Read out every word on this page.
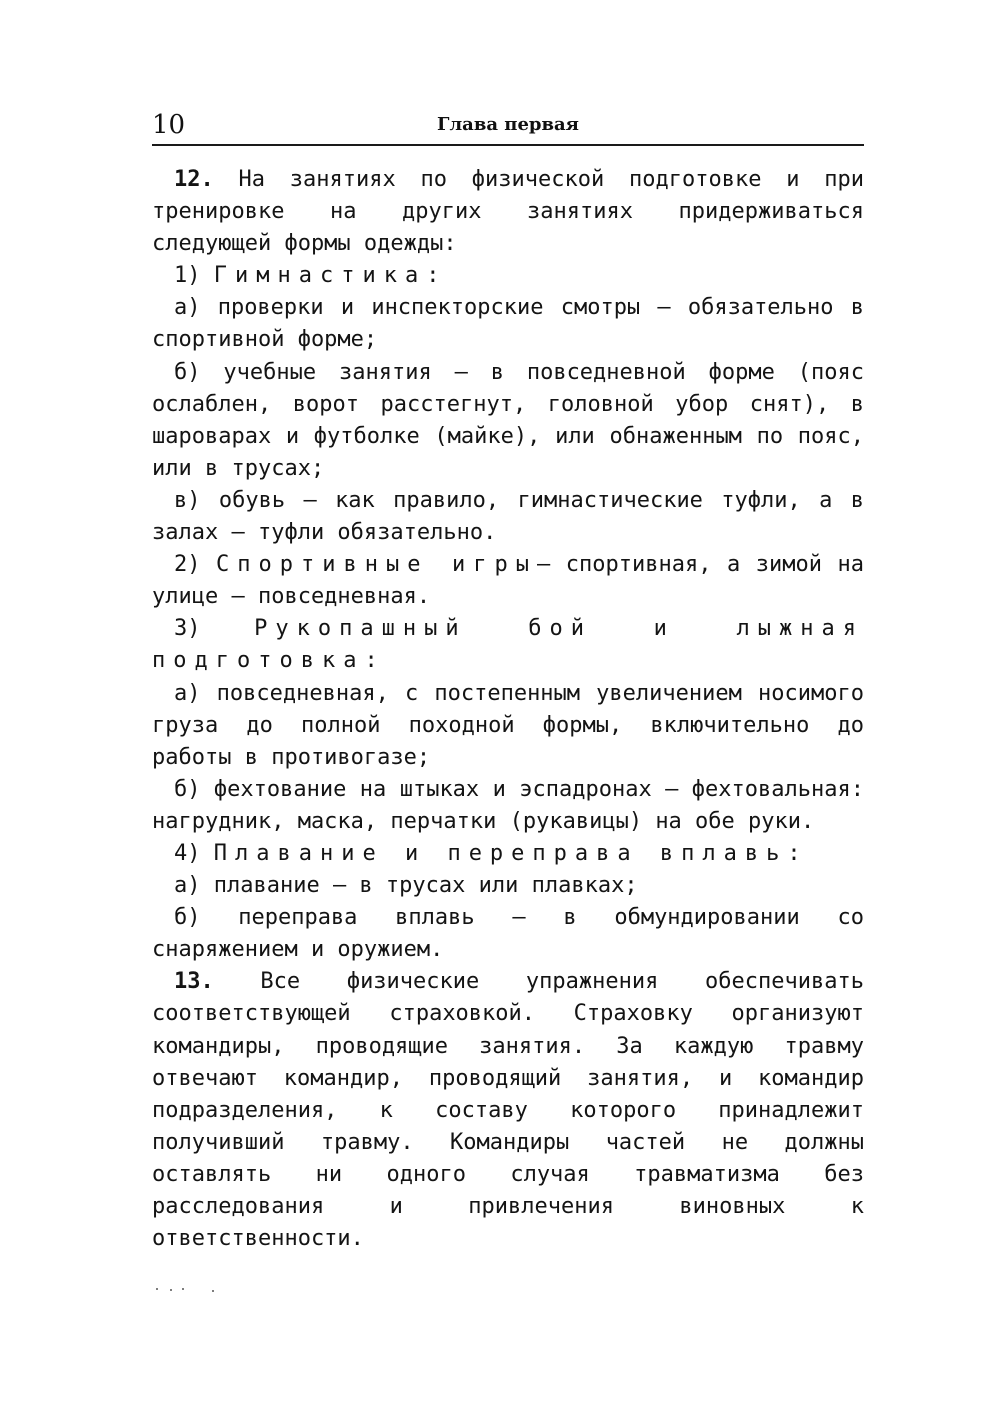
10	Глава первая

12. На занятиях по физической подготовке и при тренировке на других занятиях придерживаться следующей формы одежды:

1) Гимнастика:

а) проверки и инспекторские смотры — обязательно в спортивной форме;

б) учебные занятия — в повседневной форме (пояс ослаблен, ворот расстегнут, головной убор снят), в шароварах и футболке (майке), или обнаженным по пояс, или в трусах;

в) обувь — как правило, гимнастические туфли, а в залах — туфли обязательно.

2) Спортивные игры— спортивная, а зимой на улице — повседневная.

3) Рукопашный бой и лыжная подготовка:

а) повседневная, с постепенным увеличением носимого груза до полной походной формы, включительно до работы в противогазе;

б) фехтование на штыках и эспадронах — фехтовальная: нагрудник, маска, перчатки (рукавицы) на обе руки.

4) Плавание и переправа вплавь:

а) плавание — в трусах или плавках;

б) переправа вплавь — в обмундировании со снаряжением и оружием.

13. Все физические упражнения обеспечивать соответствующей страховкой. Страховку организуют командиры, проводящие занятия. За каждую травму отвечают командир, проводящий занятия, и командир подразделения, к составу которого принадлежит получивший травму. Командиры частей не должны оставлять ни одного случая травматизма без расследования и привлечения виновных к ответственности.
